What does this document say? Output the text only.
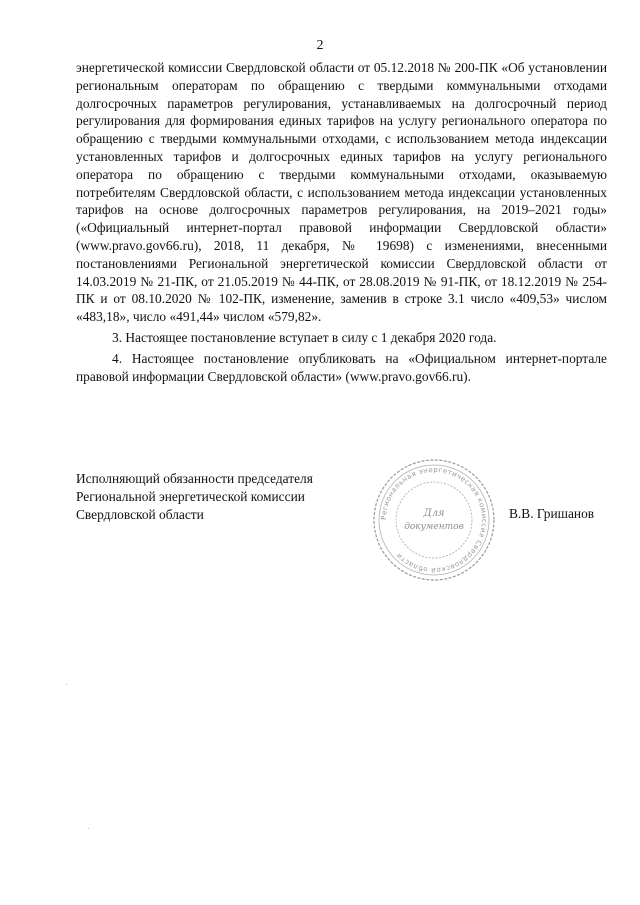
2

энергетической комиссии Свердловской области от 05.12.2018 № 200-ПК «Об установлении региональным операторам по обращению с твердыми коммунальными отходами долгосрочных параметров регулирования, устанавливаемых на долгосрочный период регулирования для формирования единых тарифов на услугу регионального оператора по обращению с твердыми коммунальными отходами, с использованием метода индексации установленных тарифов и долгосрочных единых тарифов на услугу регионального оператора по обращению с твердыми коммунальными отходами, оказываемую потребителям Свердловской области, с использованием метода индексации установленных тарифов на основе долгосрочных параметров регулирования, на 2019–2021 годы» («Официальный интернет-портал правовой информации Свердловской области» (www.pravo.gov66.ru), 2018, 11 декабря, № 19698) с изменениями, внесенными постановлениями Региональной энергетической комиссии Свердловской области от 14.03.2019 № 21-ПК, от 21.05.2019 № 44-ПК, от 28.08.2019 № 91-ПК, от 18.12.2019 № 254-ПК и от 08.10.2020 № 102-ПК, изменение, заменив в строке 3.1 число «409,53» числом «483,18», число «491,44» числом «579,82».

3. Настоящее постановление вступает в силу с 1 декабря 2020 года.

4. Настоящее постановление опубликовать на «Официальном интернет-портале правовой информации Свердловской области» (www.pravo.gov66.ru).

Исполняющий обязанности председателя
Региональной энергетической комиссии
Свердловской области	Региональная энергетическая комиссия Свердловской области
Для
документов
В.В. Гришанов
